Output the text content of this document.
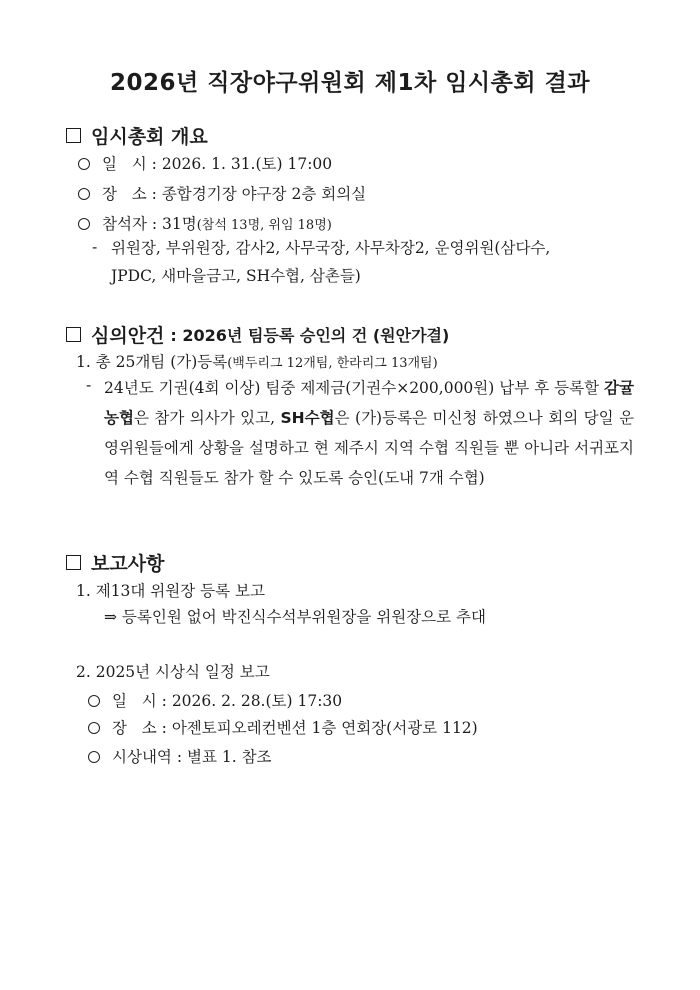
2026년 직장야구위원회 제1차 임시총회 결과
임시총회 개요
일   시 : 2026. 1. 31.(토) 17:00
장   소 : 종합경기장 야구장 2층 회의실
참석자 : 31명(참석 13명, 위임 18명)
- 위원장, 부위원장, 감사2, 사무국장, 사무차장2, 운영위원(삼다수,
JPDC, 새마을금고, SH수협, 삼촌들)
심의안건 : 2026년 팀등록 승인의 건 (원안가결)
1. 총 25개팀 (가)등록(백두리그 12개팀, 한라리그 13개팀)
- 24년도 기권(4회 이상) 팀중 제제금(기권수×200,000원) 납부 후 등록할 감귤농협은 참가 의사가 있고, SH수협은 (가)등록은 미신청 하였으나 회의 당일 운영위원들에게 상황을 설명하고 현 제주시 지역 수협 직원들 뿐 아니라 서귀포지역 수협 직원들도 참가 할 수 있도록 승인(도내 7개 수협)
보고사항
1. 제13대 위원장 등록 보고
⇒ 등록인원 없어 박진식수석부위원장을 위원장으로 추대
2. 2025년 시상식 일정 보고
일   시 : 2026. 2. 28.(토) 17:30
장   소 : 아젠토피오레컨벤션 1층 연회장(서광로 112)
시상내역 : 별표 1. 참조
